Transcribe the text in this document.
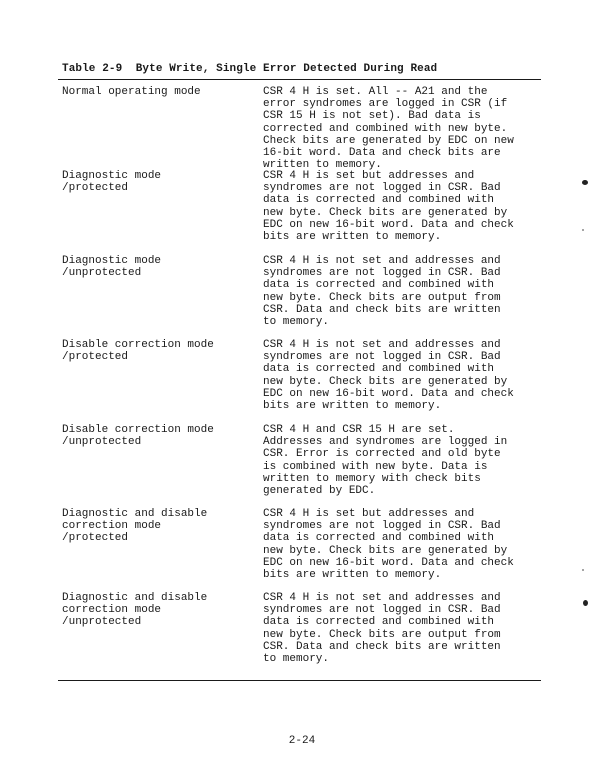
Table 2-9  Byte Write, Single Error Detected During Read
Normal operating mode	CSR 4 H is set. All -- A21 and the
error syndromes are logged in CSR (if
CSR 15 H is not set). Bad data is
corrected and combined with new byte.
Check bits are generated by EDC on new
16-bit word. Data and check bits are
written to memory.
Diagnostic mode
/protected
CSR 4 H is set but addresses and
syndromes are not logged in CSR. Bad
data is corrected and combined with
new byte. Check bits are generated by
EDC on new 16-bit word. Data and check
bits are written to memory.
Diagnostic mode
/unprotected
CSR 4 H is not set and addresses and
syndromes are not logged in CSR. Bad
data is corrected and combined with
new byte. Check bits are output from
CSR. Data and check bits are written
to memory.
Disable correction mode
/protected
CSR 4 H is not set and addresses and
syndromes are not logged in CSR. Bad
data is corrected and combined with
new byte. Check bits are generated by
EDC on new 16-bit word. Data and check
bits are written to memory.
Disable correction mode
/unprotected
CSR 4 H and CSR 15 H are set.
Addresses and syndromes are logged in
CSR. Error is corrected and old byte
is combined with new byte. Data is
written to memory with check bits
generated by EDC.
Diagnostic and disable
correction mode
/protected
CSR 4 H is set but addresses and
syndromes are not logged in CSR. Bad
data is corrected and combined with
new byte. Check bits are generated by
EDC on new 16-bit word. Data and check
bits are written to memory.
Diagnostic and disable
correction mode
/unprotected
CSR 4 H is not set and addresses and
syndromes are not logged in CSR. Bad
data is corrected and combined with
new byte. Check bits are output from
CSR. Data and check bits are written
to memory.
2-24
